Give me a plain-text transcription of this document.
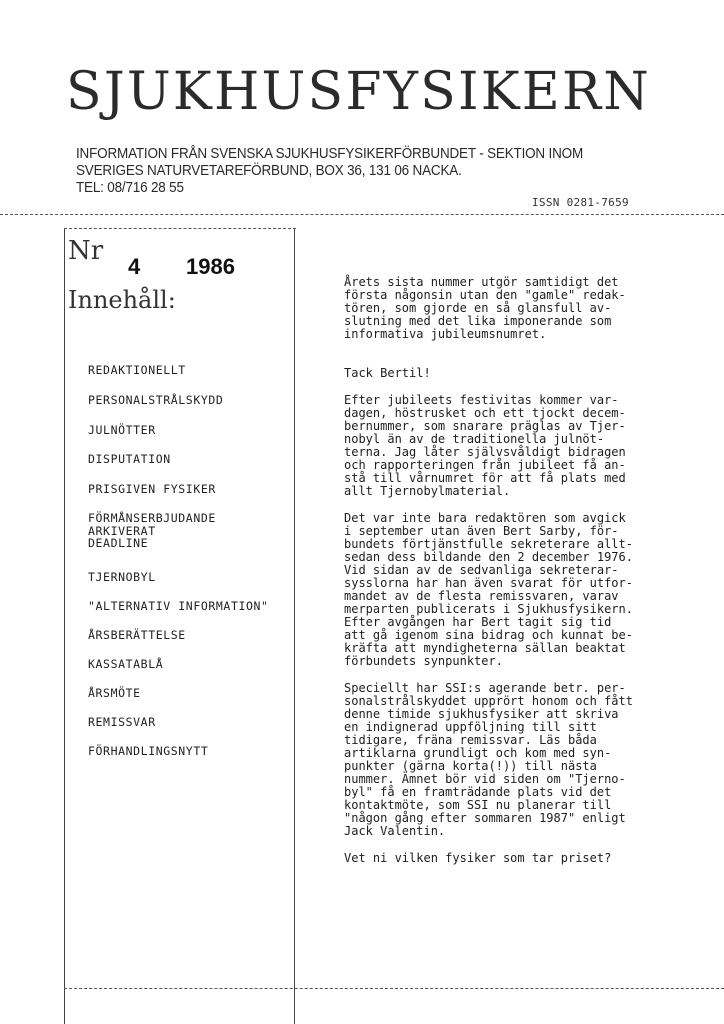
SJUKHUSFYSIKERN
INFORMATION FRÅN SVENSKA SJUKHUSFYSIKERFÖRBUNDET - SEKTION INOM
SVERIGES NATURVETAREFÖRBUND, BOX 36, 131 06 NACKA.
TEL: 08/716 28 55
ISSN 0281-7659
Nr
4 1986
Innehåll:
REDAKTIONELLT
PERSONALSTRÅLSKYDD
JULNÖTTER
DISPUTATION
PRISGIVEN FYSIKER
FÖRMÅNSERBJUDANDE
ARKIVERAT
DEADLINE
TJERNOBYL
"ALTERNATIV INFORMATION"
ÅRSBERÄTTELSE
KASSATABLÅ
ÅRSMÖTE
REMISSVAR
FÖRHANDLINGSNYTT

Årets sista nummer utgör samtidigt det
första någonsin utan den "gamle" redak-
tören, som gjorde en så glansfull av-
slutning med det lika imponerande som
informativa jubileumsnumret.

Tack Bertil!

Efter jubileets festivitas kommer var-
dagen, höstrusket och ett tjockt decem-
bernummer, som snarare präglas av Tjer-
nobyl än av de traditionella julnöt-
terna. Jag låter självsvåldigt bidragen
och rapporteringen från jubileet få an-
stå till vårnumret för att få plats med
allt Tjernobylmaterial.

Det var inte bara redaktören som avgick
i september utan även Bert Sarby, för-
bundets förtjänstfulle sekreterare allt-
sedan dess bildande den 2 december 1976.
Vid sidan av de sedvanliga sekreterar-
sysslorna har han även svarat för utfor-
mandet av de flesta remissvaren, varav
merparten publicerats i Sjukhusfysikern.
Efter avgången har Bert tagit sig tid
att gå igenom sina bidrag och kunnat be-
kräfta att myndigheterna sällan beaktat
förbundets synpunkter.

Speciellt har SSI:s agerande betr. per-
sonalstrålskyddet upprört honom och fått
denne timide sjukhusfysiker att skriva
en indignerad uppföljning till sitt
tidigare, fräna remissvar. Läs båda
artiklarna grundligt och kom med syn-
punkter (gärna korta(!)) till nästa
nummer. Ämnet bör vid siden om "Tjerno-
byl" få en framträdande plats vid det
kontaktmöte, som SSI nu planerar till
"någon gång efter sommaren 1987" enligt
Jack Valentin.

Vet ni vilken fysiker som tar priset?
